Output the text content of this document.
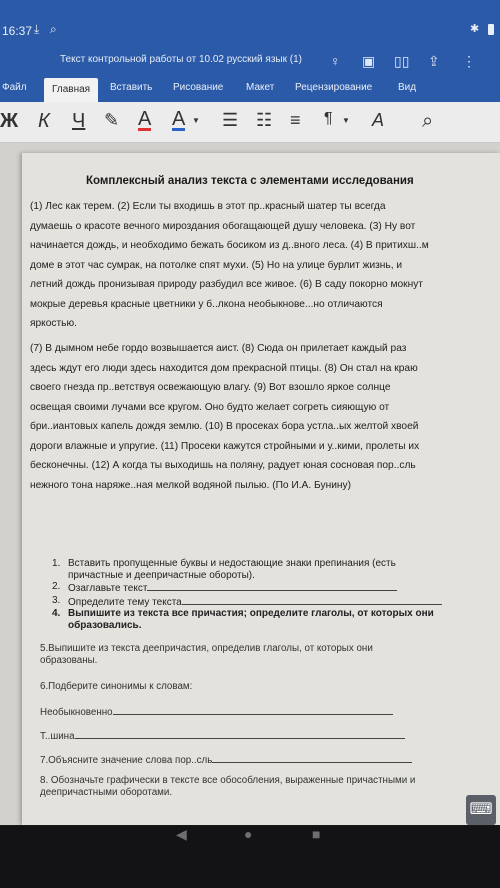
16:37 ⤓ ⌕	✱
Текст контрольной работы от 10.02 русский язык (1) ♀ ▣ ▯▯ ⇪ ⋮
Файл	Главная	Вставить Рисование Макет Рецензирование	Вид
Ж К Ч ✎ А А ▼ ☰ ☷ ≡ ¶ ▼ A ⌕
Комплексный анализ текста с элементами исследования
(1) Лес как терем. (2) Если ты входишь в этот пр..красный шатер ты всегда
думаешь о красоте вечного мироздания обогащающей душу человека. (3) Ну вот
начинается дождь, и необходимо бежать босиком из д..вного леса. (4) В притихш..м
доме в этот час сумрак, на потолке спят мухи. (5) Но на улице бурлит жизнь, и
летний дождь пронизывая природу разбудил все живое. (6) В саду покорно мокнут
мокрые деревья красные цветники у б..лкона необыкнове...но отличаются
яркостью.
(7) В дымном небе гордо возвышается аист. (8) Сюда он прилетает каждый раз
здесь ждут его люди здесь находится дом прекрасной птицы. (8) Он стал на краю
своего гнезда пр..ветствуя освежающую влагу. (9) Вот взошло яркое солнце
освещая своими лучами все кругом. Оно будто желает согреть сияющую от
бри..иантовых капель дождя землю. (10) В просеках бора устла..ых желтой хвоей
дороги влажные и упругие. (11) Просеки кажутся стройными и у..кими, пролеты их
бесконечны. (12) А когда ты выходишь на поляну, радует юная сосновая пор..сль
нежного тона наряже..ная мелкой водяной пылью. (По И.А. Бунину)
1. Вставить пропущенные буквы и недостающие знаки препинания (есть
причастные и деепричастные обороты).
2. Озаглавьте текст
3. Определите тему текста
4. Выпишите из текста все причастия; определите глаголы, от которых они
образовались.
5.Выпишите из текста деепричастия, определив глаголы, от которых они
образованы.
6.Подберите синонимы к словам:
Необыкновенно
Т..шина
7.Объясните значение слова пор..сль
8. Обозначьте графически в тексте все обособления, выраженные причастными и
деепричастными оборотами.
⌨
◀	●	■
